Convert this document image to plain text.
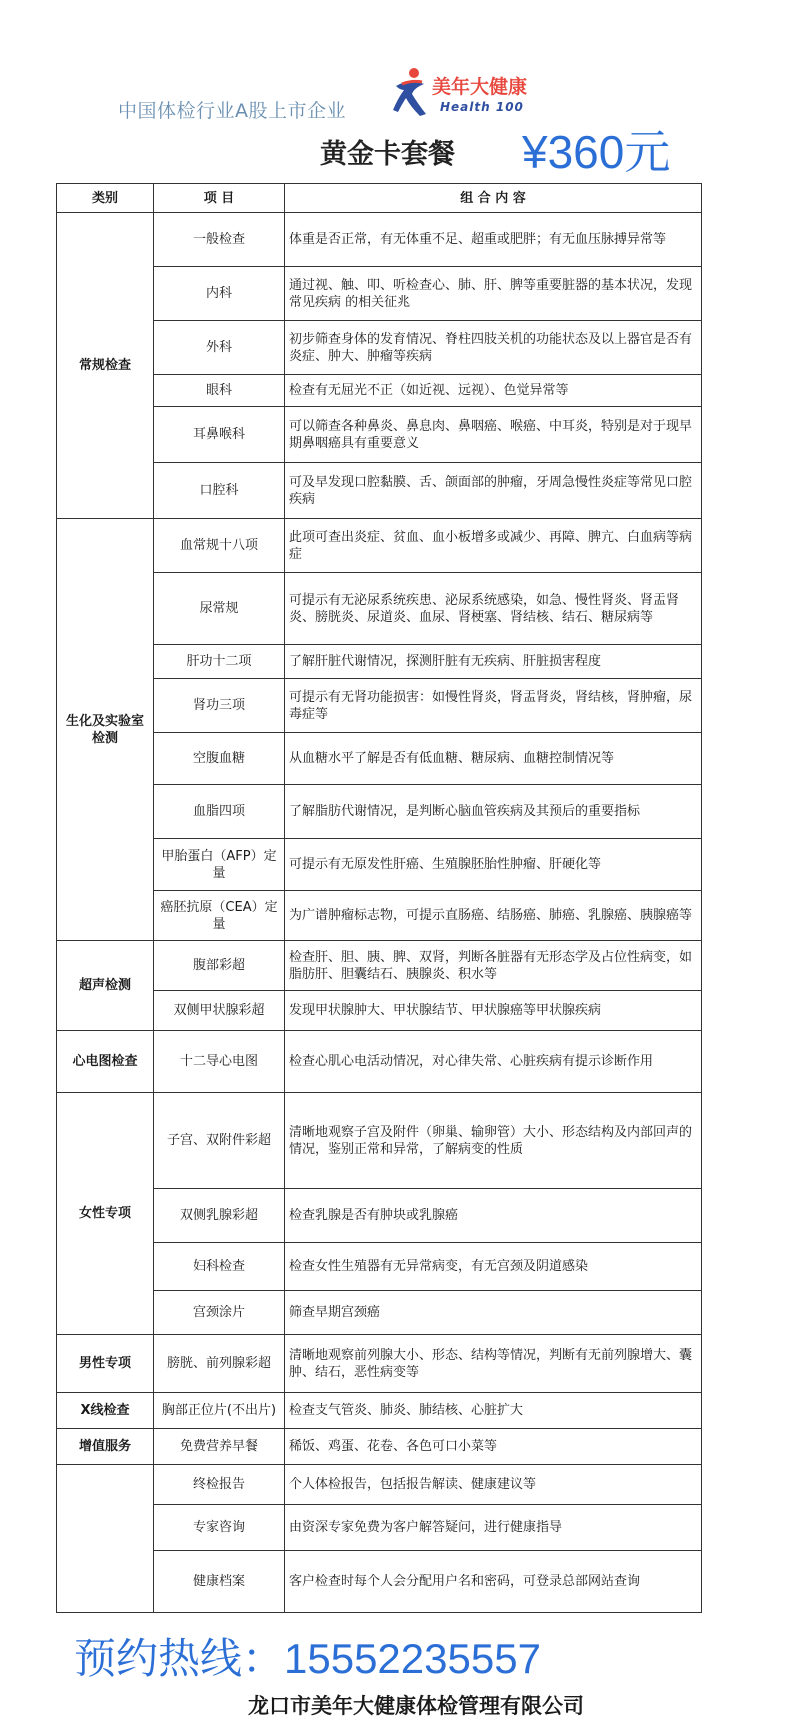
中国体检行业A股上市企业
美年大健康
Health 100
黄金卡套餐 ¥360元
类别	项 目	组 合 内 容
常规检查	一般检查	体重是否正常，有无体重不足、超重或肥胖；有无血压脉搏异常等
	内科	通过视、触、叩、听检查心、肺、肝、脾等重要脏器的基本状况，发现常见疾病 的相关征兆
	外科	初步筛查身体的发育情况、脊柱四肢关机的功能状态及以上器官是否有炎症、肿大、肿瘤等疾病
	眼科	检查有无屈光不正（如近视、远视）、色觉异常等
	耳鼻喉科	可以筛查各种鼻炎、鼻息肉、鼻咽癌、喉癌、中耳炎，特别是对于现早期鼻咽癌具有重要意义
	口腔科	可及早发现口腔黏膜、舌、颌面部的肿瘤，牙周急慢性炎症等常见口腔疾病
生化及实验室检测	血常规十八项	此项可查出炎症、贫血、血小板增多或减少、再障、脾亢、白血病等病症
	尿常规	可提示有无泌尿系统疾患、泌尿系统感染，如急、慢性肾炎、肾盂肾炎、膀胱炎、尿道炎、血尿、肾梗塞、肾结核、结石、糖尿病等
	肝功十二项	了解肝脏代谢情况，探测肝脏有无疾病、肝脏损害程度
	肾功三项	可提示有无肾功能损害：如慢性肾炎，肾盂肾炎，肾结核，肾肿瘤，尿毒症等
	空腹血糖	从血糖水平了解是否有低血糖、糖尿病、血糖控制情况等
	血脂四项	了解脂肪代谢情况，是判断心脑血管疾病及其预后的重要指标
	甲胎蛋白（AFP）定量	可提示有无原发性肝癌、生殖腺胚胎性肿瘤、肝硬化等
	癌胚抗原（CEA）定量	为广谱肿瘤标志物，可提示直肠癌、结肠癌、肺癌、乳腺癌、胰腺癌等
超声检测	腹部彩超	检查肝、胆、胰、脾、双肾，判断各脏器有无形态学及占位性病变，如脂肪肝、胆囊结石、胰腺炎、积水等
	双侧甲状腺彩超	发现甲状腺肿大、甲状腺结节、甲状腺癌等甲状腺疾病
心电图检查	十二导心电图	检查心肌心电活动情况，对心律失常、心脏疾病有提示诊断作用
女性专项	子宫、双附件彩超	清晰地观察子宫及附件（卵巢、输卵管）大小、形态结构及内部回声的情况，鉴别正常和异常，了解病变的性质
	双侧乳腺彩超	检查乳腺是否有肿块或乳腺癌
	妇科检查	检查女性生殖器有无异常病变，有无宫颈及阴道感染
	宫颈涂片	筛查早期宫颈癌
男性专项	膀胱、前列腺彩超	清晰地观察前列腺大小、形态、结构等情况，判断有无前列腺增大、囊肿、结石，恶性病变等
X线检查	胸部正位片(不出片)	检查支气管炎、肺炎、肺结核、心脏扩大
增值服务	免费营养早餐	稀饭、鸡蛋、花卷、各色可口小菜等
	终检报告	个人体检报告，包括报告解读、健康建议等
	专家咨询	由资深专家免费为客户解答疑问，进行健康指导
	健康档案	客户检查时每个人会分配用户名和密码，可登录总部网站查询
预约热线：15552235557
龙口市美年大健康体检管理有限公司
